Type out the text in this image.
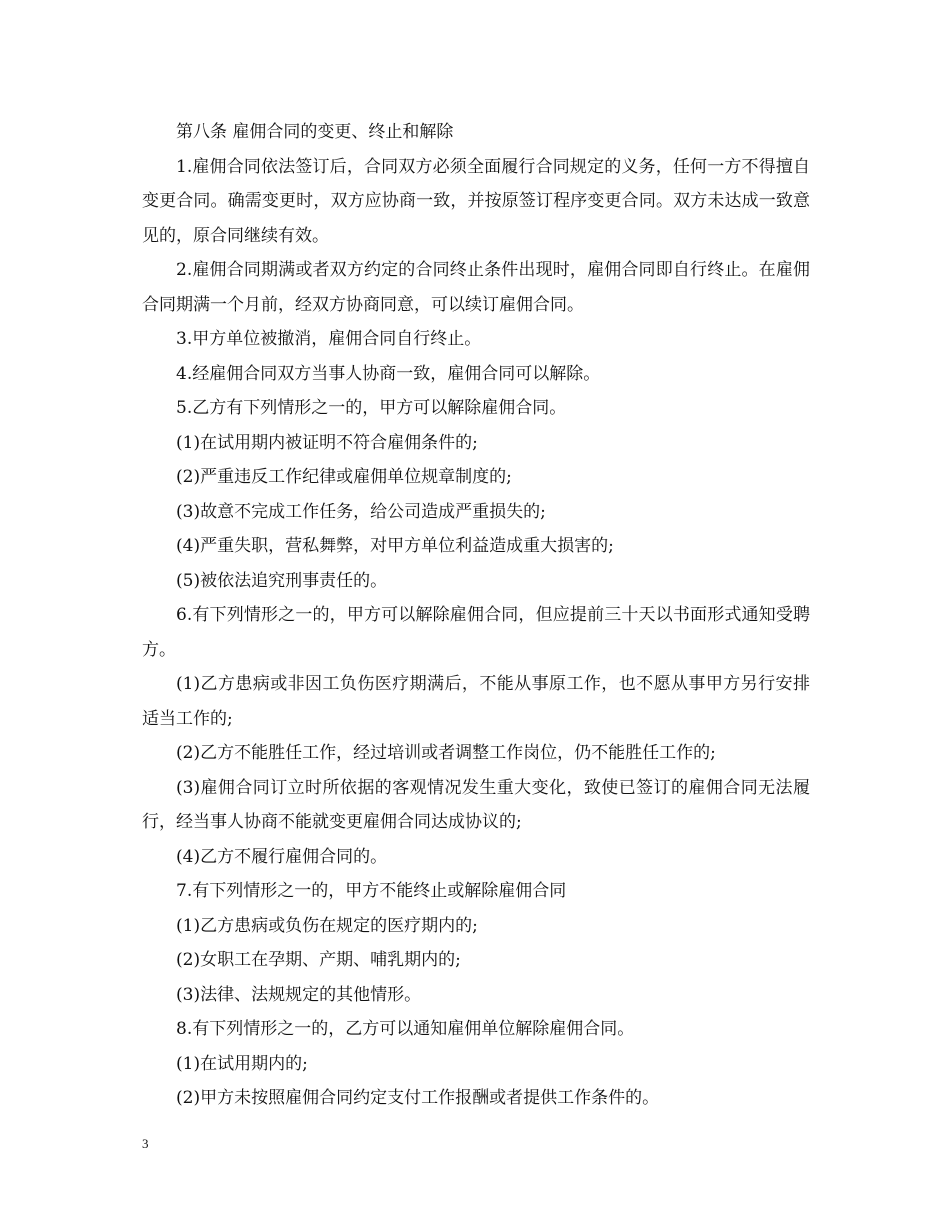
第八条 雇佣合同的变更、终止和解除

1.雇佣合同依法签订后，合同双方必须全面履行合同规定的义务，任何一方不得擅自变更合同。确需变更时，双方应协商一致，并按原签订程序变更合同。双方未达成一致意见的，原合同继续有效。

2.雇佣合同期满或者双方约定的合同终止条件出现时，雇佣合同即自行终止。在雇佣合同期满一个月前，经双方协商同意，可以续订雇佣合同。

3.甲方单位被撤消，雇佣合同自行终止。

4.经雇佣合同双方当事人协商一致，雇佣合同可以解除。

5.乙方有下列情形之一的，甲方可以解除雇佣合同。

(1)在试用期内被证明不符合雇佣条件的;

(2)严重违反工作纪律或雇佣单位规章制度的;

(3)故意不完成工作任务，给公司造成严重损失的;

(4)严重失职，营私舞弊，对甲方单位利益造成重大损害的;

(5)被依法追究刑事责任的。

6.有下列情形之一的，甲方可以解除雇佣合同，但应提前三十天以书面形式通知受聘方。

(1)乙方患病或非因工负伤医疗期满后，不能从事原工作，也不愿从事甲方另行安排适当工作的;

(2)乙方不能胜任工作，经过培训或者调整工作岗位，仍不能胜任工作的;

(3)雇佣合同订立时所依据的客观情况发生重大变化，致使已签订的雇佣合同无法履行，经当事人协商不能就变更雇佣合同达成协议的;

(4)乙方不履行雇佣合同的。

7.有下列情形之一的，甲方不能终止或解除雇佣合同

(1)乙方患病或负伤在规定的医疗期内的;

(2)女职工在孕期、产期、哺乳期内的;

(3)法律、法规规定的其他情形。

8.有下列情形之一的，乙方可以通知雇佣单位解除雇佣合同。

(1)在试用期内的;

(2)甲方未按照雇佣合同约定支付工作报酬或者提供工作条件的。

3
